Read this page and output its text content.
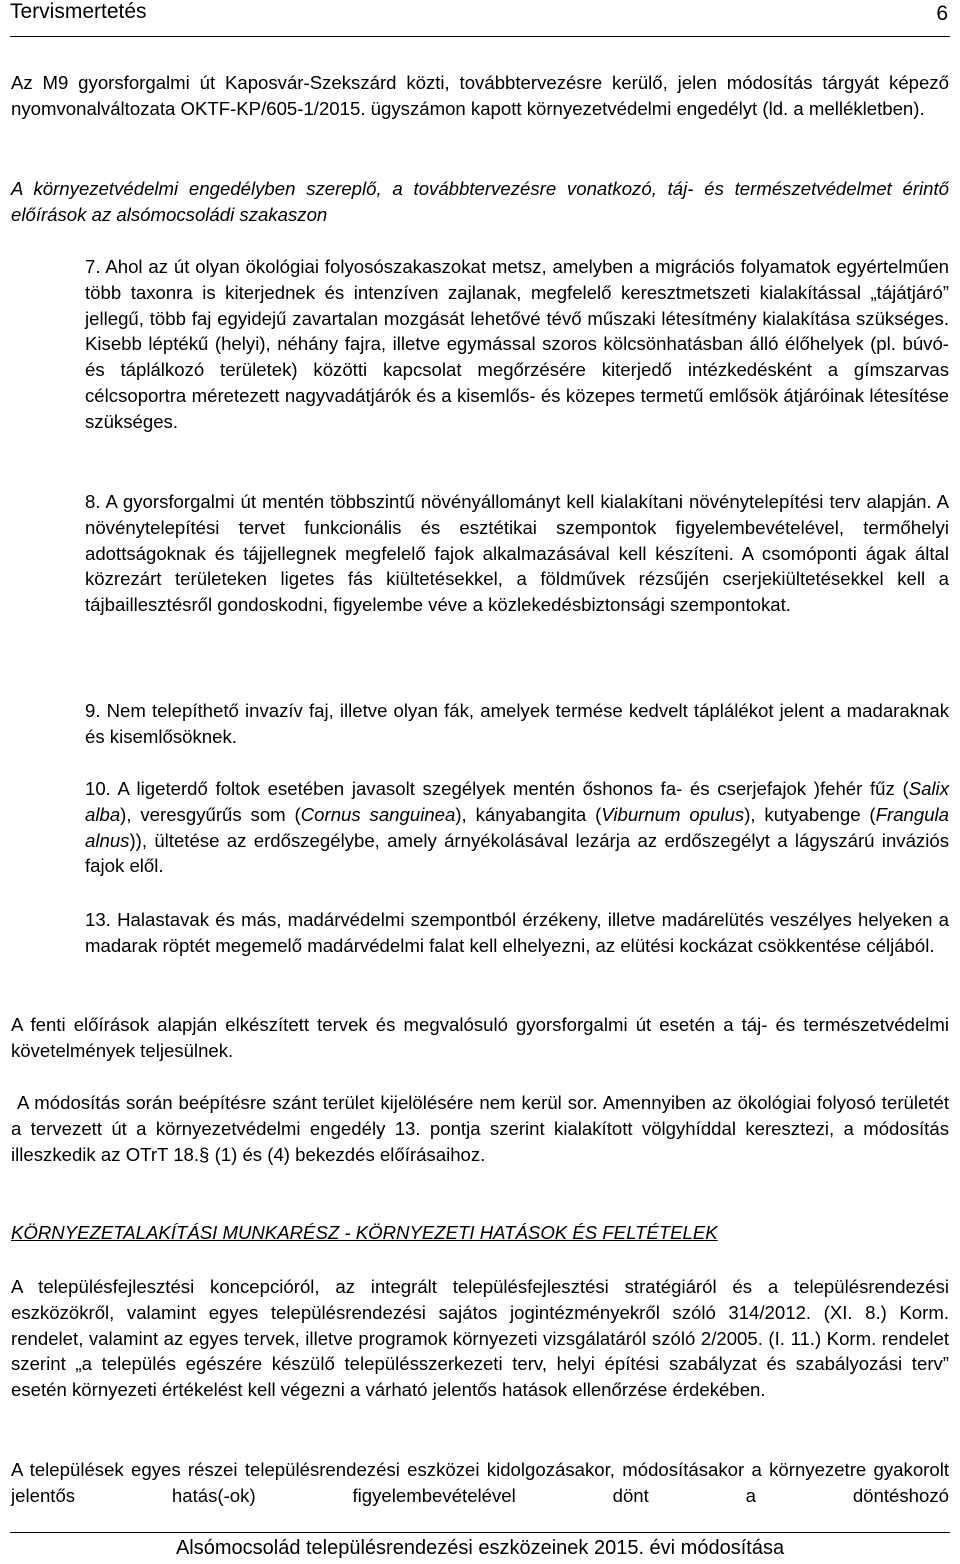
Tervismertetés	6

Az M9 gyorsforgalmi út Kaposvár-Szekszárd közti, továbbtervezésre kerülő, jelen módosítás tárgyát képező nyomvonalváltozata OKTF-KP/605-1/2015. ügyszámon kapott környezetvédelmi engedélyt (ld. a mellékletben).

A környezetvédelmi engedélyben szereplő, a továbbtervezésre vonatkozó, táj- és természetvédelmet érintő előírások az alsómocsoládi szakaszon

7. Ahol az út olyan ökológiai folyosószakaszokat metsz, amelyben a migrációs folyamatok egyértelműen több taxonra is kiterjednek és intenzíven zajlanak, megfelelő keresztmetszeti kialakítással „tájátjáró” jellegű, több faj egyidejű zavartalan mozgását lehetővé tévő műszaki létesítmény kialakítása szükséges. Kisebb léptékű (helyi), néhány fajra, illetve egymással szoros kölcsönhatásban álló élőhelyek (pl. búvó- és táplálkozó területek) közötti kapcsolat megőrzésére kiterjedő intézkedésként a gímszarvas célcsoportra méretezett nagyvadátjárók és a kisemlős- és közepes termetű emlősök átjáróinak létesítése szükséges.

8. A gyorsforgalmi út mentén többszintű növényállományt kell kialakítani növénytelepítési terv alapján. A növénytelepítési tervet funkcionális és esztétikai szempontok figyelembevételével, termőhelyi adottságoknak és tájjellegnek megfelelő fajok alkalmazásával kell készíteni. A csomóponti ágak által közrezárt területeken ligetes fás kiültetésekkel, a földművek rézsűjén cserjekiültetésekkel kell a tájbaillesztésről gondoskodni, figyelembe véve a közlekedésbiztonsági szempontokat.

9. Nem telepíthető invazív faj, illetve olyan fák, amelyek termése kedvelt táplálékot jelent a madaraknak és kisemlősöknek.

10. A ligeterdő foltok esetében javasolt szegélyek mentén őshonos fa- és cserjefajok )fehér fűz (Salix alba), veresgyűrűs som (Cornus sanguinea), kányabangita (Viburnum opulus), kutyabenge (Frangula alnus)), ültetése az erdőszegélybe, amely árnyékolásával lezárja az erdőszegélyt a lágyszárú inváziós fajok elől.

13. Halastavak és más, madárvédelmi szempontból érzékeny, illetve madárelütés veszélyes helyeken a madarak röptét megemelő madárvédelmi falat kell elhelyezni, az elütési kockázat csökkentése céljából.

A fenti előírások alapján elkészített tervek és megvalósuló gyorsforgalmi út esetén a táj- és természetvédelmi követelmények teljesülnek.

A módosítás során beépítésre szánt terület kijelölésére nem kerül sor. Amennyiben az ökológiai folyosó területét a tervezett út a környezetvédelmi engedély 13. pontja szerint kialakított völgyhíddal keresztezi, a módosítás illeszkedik az OTrT 18.§ (1) és (4) bekezdés előírásaihoz.

KÖRNYEZETALAKÍTÁSI MUNKARÉSZ - KÖRNYEZETI HATÁSOK ÉS FELTÉTELEK

A településfejlesztési koncepcióról, az integrált településfejlesztési stratégiáról és a településrendezési eszközökről, valamint egyes településrendezési sajátos jogintézményekről szóló 314/2012. (XI. 8.) Korm. rendelet, valamint az egyes tervek, illetve programok környezeti vizsgálatáról szóló 2/2005. (I. 11.) Korm. rendelet szerint „a település egészére készülő településszerkezeti terv, helyi építési szabályzat és szabályozási terv” esetén környezeti értékelést kell végezni a várható jelentős hatások ellenőrzése érdekében.

A települések egyes részei településrendezési eszközei kidolgozásakor, módosításakor a környezetre gyakorolt jelentős hatás(-ok) figyelembevételével dönt a döntéshozó

Alsómocsolád településrendezési eszközeinek 2015. évi módosítása
